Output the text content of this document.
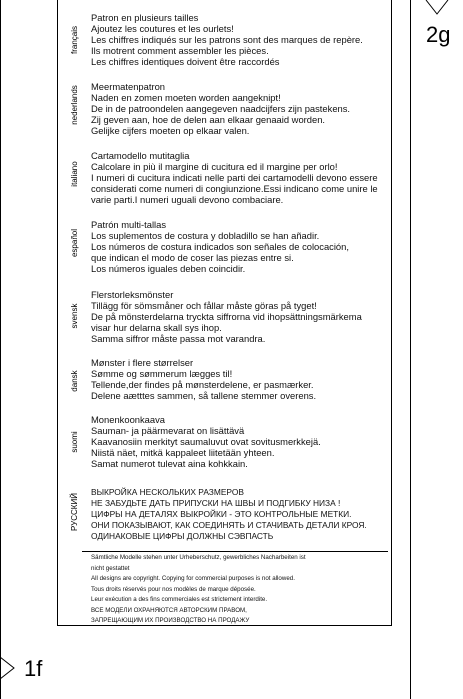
2g
1f
français
Patron en plusieurs tailles
Ajoutez les coutures et les ourlets!
Les chiffres indiqués sur les patrons sont des marques de repère.
Ils motrent comment assembler les pièces.
Les chiffres identiques doivent être raccordés
nederlands Meermatenpatron
Naden en zomen moeten worden aangeknipt!
De in de patroondelen aangegeven naadcijfers zijn pastekens.
Zij geven aan, hoe de delen aan elkaar genaaid worden.
Gelijke cijfers moeten op elkaar valen.
italiano
Cartamodello mutitaglia
Calcolare in più il margine di cucitura ed il margine per orlo!
I numeri di cucitura indicati nelle parti dei cartamodelli devono essere
considerati come numeri di congiunzione.Essi indicano come unire le
varie parti.I numeri uguali devono combaciare.
español
Patrón multi-tallas
Los suplementos de costura y dobladillo se han añadir.
Los números de costura indicados son señales de colocación,
que indican el modo de coser las piezas entre si.
Los números iguales deben coincidir.
svensk
Flerstorleksmönster
Tillägg för sömsmåner och fållar måste göras på tyget!
De på mönsterdelarna tryckta siffrorna vid ihopsättningsmärkema
visar hur delarna skall sys ihop.
Samma siffror måste passa mot varandra.
dansk
Mønster i flere størrelser
Sømme og sømmerum lægges til!
Tellende,der findes på mønsterdelene, er pasmærker.
Delene aætttes sammen, så tallene stemmer overens.
suomi
Monenkoonkaava
Sauman- ja päärmevarat on lisättävä
Kaavanosiin merkityt saumaluvut ovat sovitusmerkkejä.
Niistä näet, mitkä kappaleet liitetään yhteen.
Samat numerot tulevat aina kohkkain.
РУССКИЙ
ВЫКРОЙКА НЕСКОЛЬКИХ РАЗМЕРОВ
НЕ ЗАБУДЬТЕ ДАТЬ ПРИПУСКИ НА ШВЫ И ПОДГИБКУ НИЗА !
ЦИФРЫ НА ДЕТАЛЯХ ВЫКРОЙКИ - ЭТО КОНТРОЛЬНЫЕ МЕТКИ.
ОНИ ПОКАЗЫВАЮТ, КАК СОЕДИНЯТЬ И СТАЧИВАТЬ ДЕТАЛИ КРОЯ.
ОДИНАКОВЫЕ ЦИФРЫ ДОЛЖНЫ СЭВПАСТЬ
Sämtliche Modelle stehen unter Urheberschutz, gewerbliches Nacharbeiten ist
nicht gestattet
All designs are copyright. Copying for commercial purposes is not allowed.
Tous droits réservés pour nos modèles de marque déposée.
Leur exécution a des fins commerciales est strictement interdite.
ВСЕ МОДЕЛИ ОХРАНЯЮТСЯ АВТОРСКИМ ПРАВОМ,
ЗАПРЕЩАЮЩИМ ИХ ПРОИЗВОДСТВО НА ПРОДАЖУ
